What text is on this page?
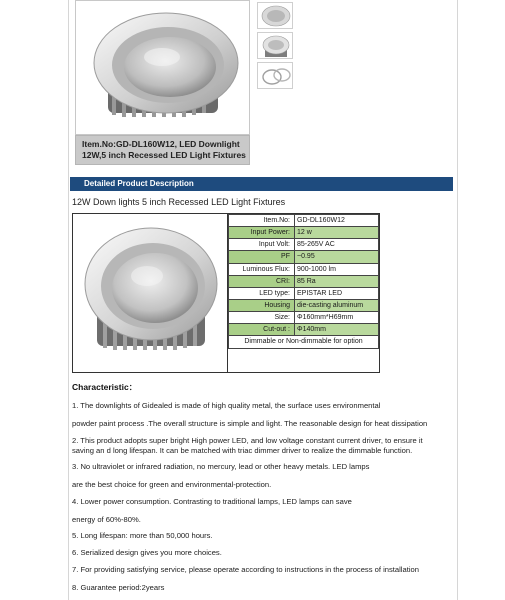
Item.No:GD-DL160W12, LED Downlight
12W,5 inch Recessed LED Light Fixtures
Detailed Product Description
12W Down lights 5 inch Recessed LED Light Fixtures
Item.No:	GD-DL160W12
Input Power:	12 w
Input Volt:	85-265V AC
PF	~0.95
Luminous Flux:	900-1000 lm
CRI:	85 Ra
LED type:	EPISTAR LED
Housing	die-casting aluminum
Size:	Φ160mm*H69mm
Cut-out :	Φ140mm
Dimmable or Non-dimmable for option	
Characteristic：
1. The downlights of Gidealed is made of high quality metal, the surface uses environmental
powder paint process .The overall structure is simple and light. The reasonable design for heat dissipation
2. This product adopts super bright High power LED, and low voltage constant current driver, to ensure it
saving an d long lifespan. It can be matched with triac dimmer driver to realize the dimmable function.
3. No ultraviolet or infrared radiation, no mercury, lead or other heavy metals. LED lamps
are the best choice for green and environmental-protection.
4. Lower power consumption. Contrasting to traditional lamps, LED lamps can save
energy of 60%-80%.
5. Long lifespan: more than 50,000 hours.
6. Serialized design gives you more choices.
7. For providing satisfying service, please operate according to instructions in the process of installation
8. Guarantee period:2years
